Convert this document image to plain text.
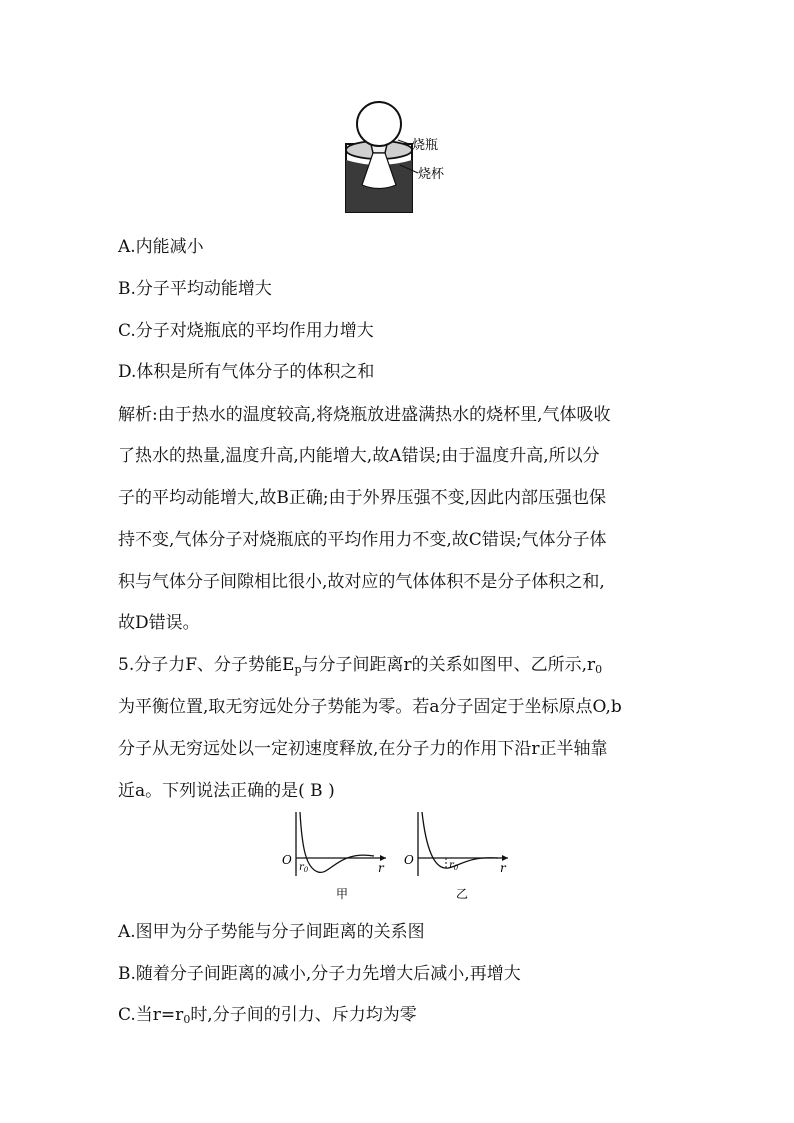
烧瓶
烧杯
A.内能减小
B.分子平均动能增大
C.分子对烧瓶底的平均作用力增大
D.体积是所有气体分子的体积之和
解析:由于热水的温度较高,将烧瓶放进盛满热水的烧杯里,气体吸收
了热水的热量,温度升高,内能增大,故A错误;由于温度升高,所以分
子的平均动能增大,故B正确;由于外界压强不变,因此内部压强也保
持不变,气体分子对烧瓶底的平均作用力不变,故C错误;气体分子体
积与气体分子间隙相比很小,故对应的气体体积不是分子体积之和,
故D错误。
5.分子力F、分子势能$E_p$与分子间距离r的关系如图甲、乙所示$,r_0$
为平衡位置,取无穷远处分子势能为零。若a分子固定于坐标原点O,b
分子从无穷远处以一定初速度释放,在分子力的作用下沿r正半轴靠
近a。下列说法正确的是( B )
O
r
$r_0$
甲
O
r
$r_0$
乙
A.图甲为分子势能与分子间距离的关系图
B.随着分子间距离的减小,分子力先增大后减小,再增大
C.当$r=r_0$时,分子间的引力、斥力均为零
